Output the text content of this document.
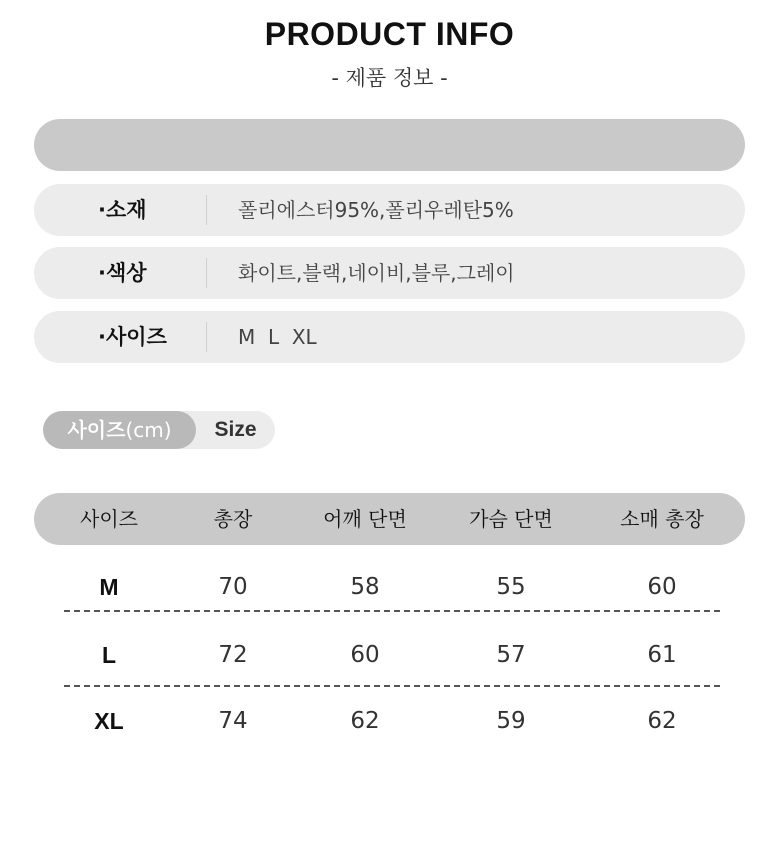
PRODUCT INFO
- 제품 정보 -
·소재	폴리에스터95%,폴리우레탄5%
·색상	화이트,블랙,네이비,블루,그레이
·사이즈	M  L  XL
사이즈(cm)	Size
사이즈	총장	어깨 단면	가슴 단면	소매 총장
M	70	58	55	60
L	72	60	57	61
XL	74	62	59	62
